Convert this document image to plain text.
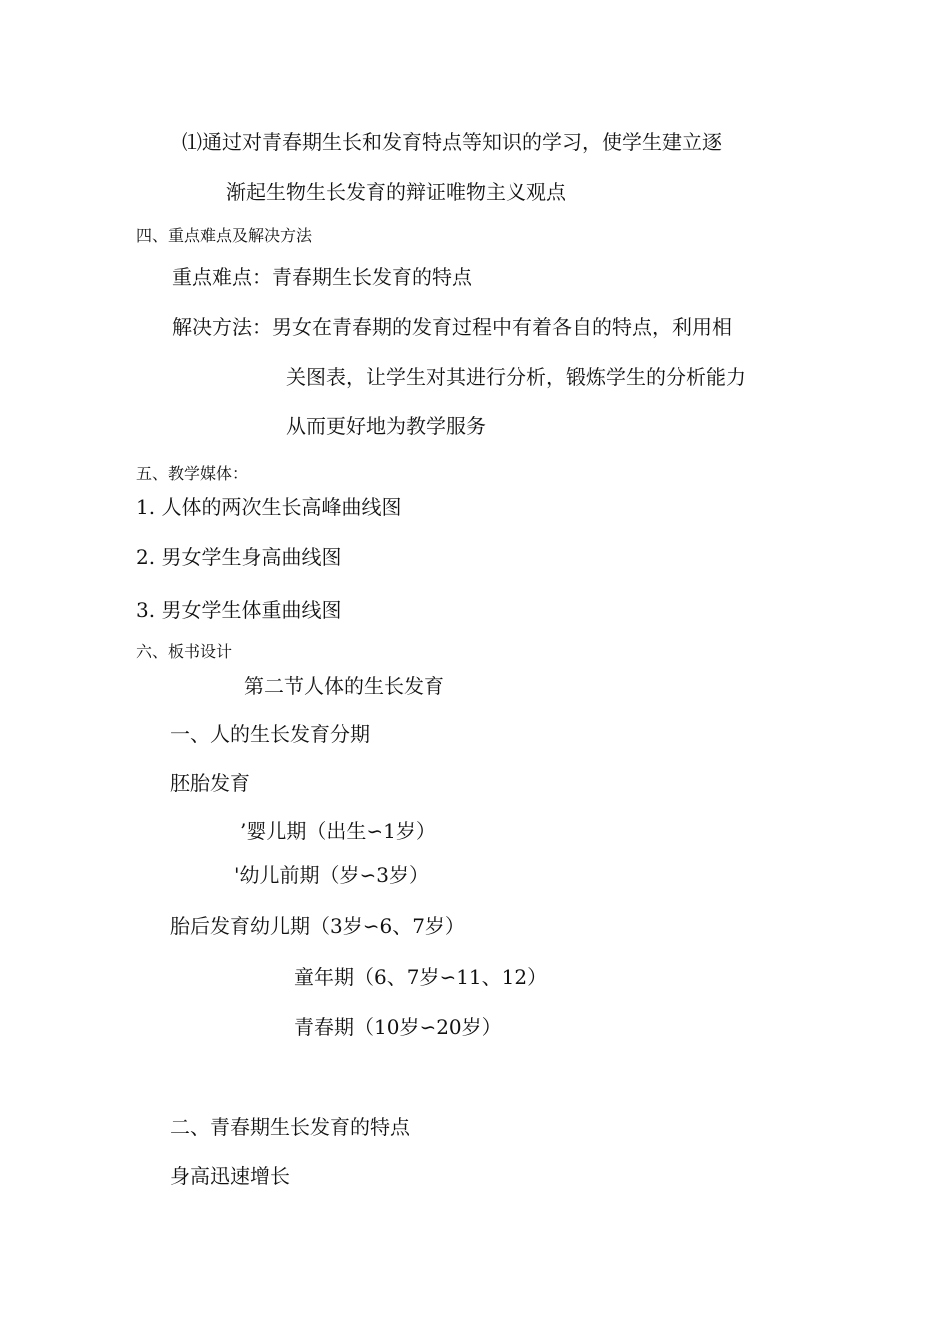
⑴通过对青春期生长和发育特点等知识的学习，使学生建立逐
渐起生物生长发育的辩证唯物主义观点
四、重点难点及解决方法
重点难点：青春期生长发育的特点
解决方法：男女在青春期的发育过程中有着各自的特点，利用相
关图表，让学生对其进行分析，锻炼学生的分析能力
从而更好地为教学服务
五、教学媒体：
1. 人体的两次生长高峰曲线图
2. 男女学生身高曲线图
3. 男女学生体重曲线图
六、板书设计
第二节人体的生长发育
一、人的生长发育分期
胚胎发育
’婴儿期（出生∽1岁）
'幼儿前期（岁∽3岁）
胎后发育幼儿期（3岁∽6、7岁）
童年期（6、7岁∽11、12）
青春期（10岁∽20岁）
二、青春期生长发育的特点
身高迅速增长
